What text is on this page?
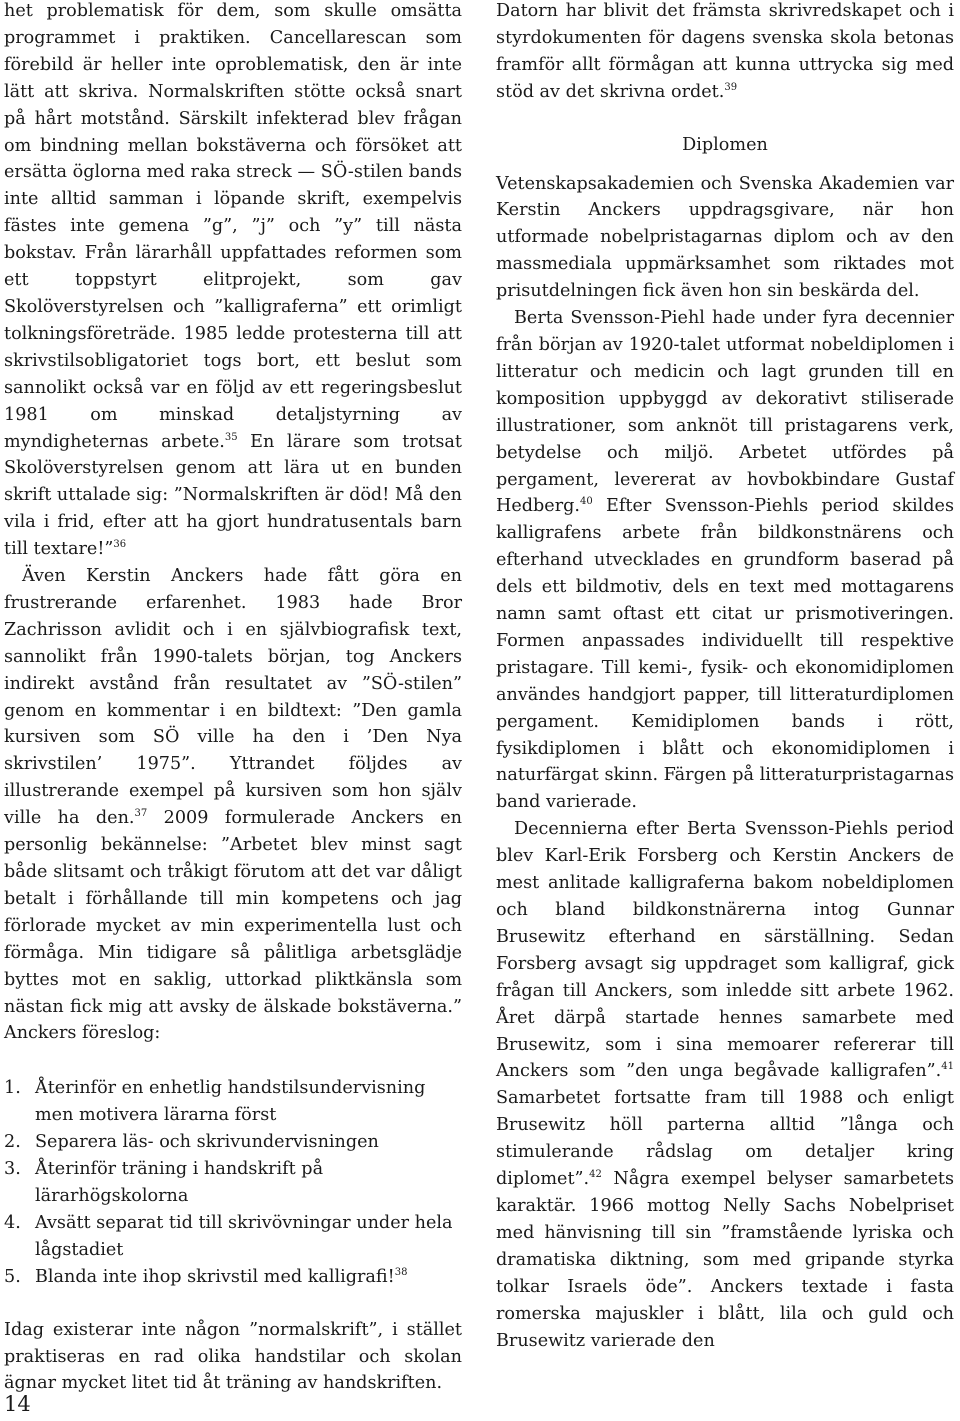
het problematisk för dem, som skulle omsätta programmet i praktiken. Cancellarescan som förebild är heller inte oproblematisk, den är inte lätt att skriva. Normalskriften stötte också snart på hårt motstånd. Särskilt infekterad blev frågan om bindning mellan bokstäverna och försöket att ersätta öglorna med raka streck — SÖ-stilen bands inte alltid samman i löpande skrift, exempelvis fästes inte gemena ”g”, ”j” och ”y” till nästa bokstav. Från lärarhåll uppfattades reformen som ett toppstyrt elitprojekt, som gav Skolöverstyrelsen och ”kalligraferna” ett orimligt tolkningsföreträde. 1985 ledde protesterna till att skrivstilsobligatoriet togs bort, ett beslut som sannolikt också var en följd av ett regeringsbeslut 1981 om minskad detaljstyrning av myndigheternas arbete.$^{35}$ En lärare som trotsat Skolöverstyrelsen genom att lära ut en bunden skrift uttalade sig: ”Normalskriften är död! Må den vila i frid, efter att ha gjort hundratusentals barn till textare!”$^{36}$

Även Kerstin Anckers hade fått göra en frustrerande erfarenhet. 1983 hade Bror Zachrisson avlidit och i en självbiografisk text, sannolikt från 1990-talets början, tog Anckers indirekt avstånd från resultatet av ”SÖ-stilen” genom en kommentar i en bildtext: ”Den gamla kursiven som SÖ ville ha den i ’Den Nya skrivstilen’ 1975”. Yttrandet följdes av illustrerande exempel på kursiven som hon själv ville ha den.$^{37}$ 2009 formulerade Anckers en personlig bekännelse: ”Arbetet blev minst sagt både slitsamt och tråkigt förutom att det var dåligt betalt i förhållande till min kompetens och jag förlorade mycket av min experimentella lust och förmåga. Min tidigare så pålitliga arbetsglädje byttes mot en saklig, uttorkad pliktkänsla som nästan fick mig att avsky de älskade bokstäverna.” Anckers föreslog:

1. Återinför en enhetlig handstilsundervisning men motivera lärarna först
2. Separera läs- och skrivundervisningen
3. Återinför träning i handskrift på lärarhögskolorna
4. Avsätt separat tid till skrivövningar under hela lågstadiet
5. Blanda inte ihop skrivstil med kalligrafi!$^{38}$

Idag existerar inte någon ”normalskrift”, i stället praktiseras en rad olika handstilar och skolan ägnar mycket litet tid åt träning av handskriften.

Datorn har blivit det främsta skrivredskapet och i styrdokumenten för dagens svenska skola betonas framför allt förmågan att kunna uttrycka sig med stöd av det skrivna ordet.$^{39}$

Diplomen

Vetenskapsakademien och Svenska Akademien var Kerstin Anckers uppdragsgivare, när hon utformade nobelpristagarnas diplom och av den massmediala uppmärksamhet som riktades mot prisutdelningen fick även hon sin beskärda del.

Berta Svensson-Piehl hade under fyra decennier från början av 1920-talet utformat nobeldiplomen i litteratur och medicin och lagt grunden till en komposition uppbyggd av dekorativt stiliserade illustrationer, som anknöt till pristagarens verk, betydelse och miljö. Arbetet utfördes på pergament, levererat av hovbokbindare Gustaf Hedberg.$^{40}$ Efter Svensson-Piehls period skildes kalligrafens arbete från bildkonstnärens och efterhand utvecklades en grundform baserad på dels ett bildmotiv, dels en text med mottagarens namn samt oftast ett citat ur prismotiveringen. Formen anpassades individuellt till respektive pristagare. Till kemi-, fysik- och ekonomidiplomen användes handgjort papper, till litteraturdiplomen pergament. Kemidiplomen bands i rött, fysikdiplomen i blått och ekonomidiplomen i naturfärgat skinn. Färgen på litteraturpristagarnas band varierade.

Decennierna efter Berta Svensson-Piehls period blev Karl-Erik Forsberg och Kerstin Anckers de mest anlitade kalligraferna bakom nobeldiplomen och bland bildkonstnärerna intog Gunnar Brusewitz efterhand en särställning. Sedan Forsberg avsagt sig uppdraget som kalligraf, gick frågan till Anckers, som inledde sitt arbete 1962. Året därpå startade hennes samarbete med Brusewitz, som i sina memoarer refererar till Anckers som ”den unga begåvade kalligrafen”.$^{41}$ Samarbetet fortsatte fram till 1988 och enligt Brusewitz höll parterna alltid ”långa och stimulerande rådslag om detaljer kring diplomet”.$^{42}$ Några exempel belyser samarbetets karaktär. 1966 mottog Nelly Sachs Nobelpriset med hänvisning till sin ”framstående lyriska och dramatiska diktning, som med gripande styrka tolkar Israels öde”. Anckers textade i fasta romerska majuskler i blått, lila och guld och Brusewitz varierade den

14
